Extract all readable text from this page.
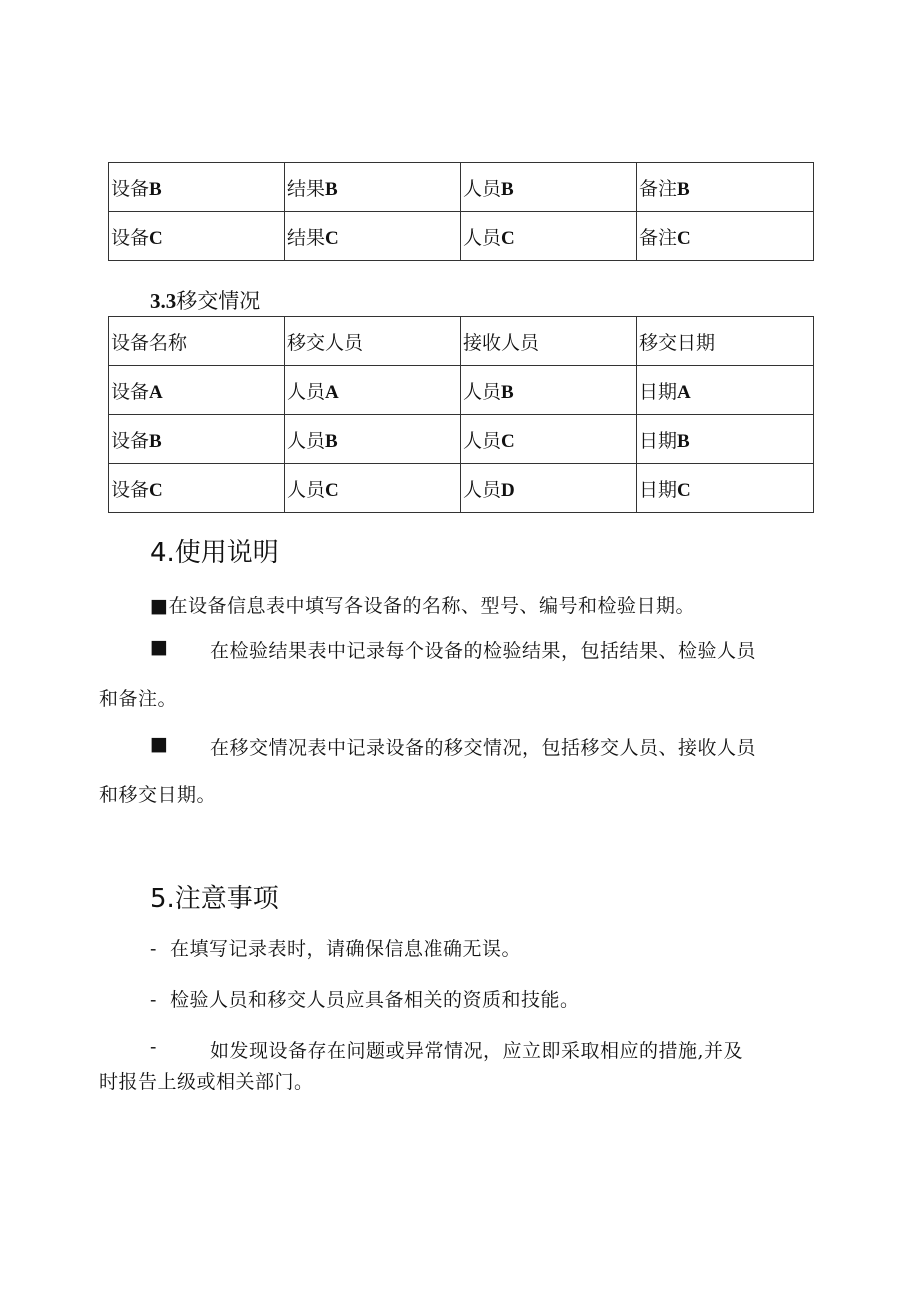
设备B	结果B	人员B	备注B
设备C	结果C	人员C	备注C
3.3移交情况
设备名称	移交人员	接收人员	移交日期
设备A	人员A	人员B	日期A
设备B	人员B	人员C	日期B
设备C	人员C	人员D	日期C
4.使用说明
■在设备信息表中填写各设备的名称、型号、编号和检验日期。
■ 在检验结果表中记录每个设备的检验结果，包括结果、检验人员
和备注。
■ 在移交情况表中记录设备的移交情况，包括移交人员、接收人员
和移交日期。
5.注意事项
- 在填写记录表时，请确保信息准确无误。
- 检验人员和移交人员应具备相关的资质和技能。
-	如发现设备存在问题或异常情况，应立即采取相应的措施,并及
时报告上级或相关部门。
